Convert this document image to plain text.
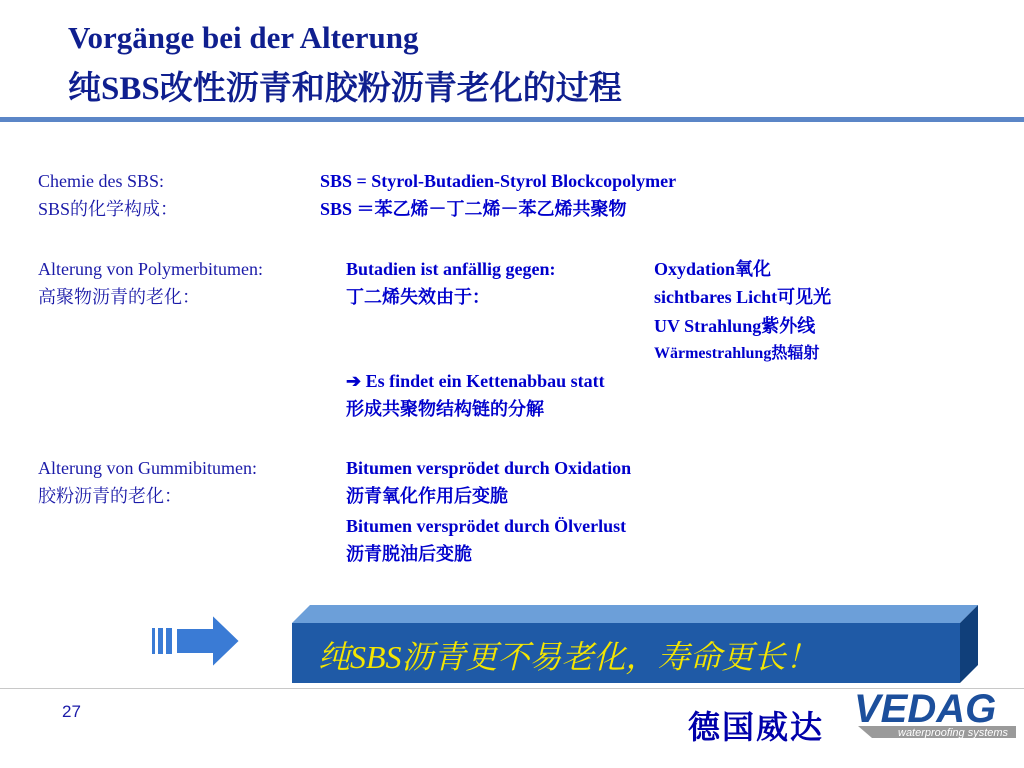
Vorgänge bei der Alterung
纯SBS改性沥青和胶粉沥青老化的过程
Chemie des SBS:
SBS的化学构成：
SBS = Styrol-Butadien-Styrol Blockcopolymer
SBS ＝苯乙烯－丁二烯－苯乙烯共聚物
Alterung von Polymerbitumen:
高聚物沥青的老化：
Butadien ist anfällig gegen:
丁二烯失效由于：
Oxydation氧化
sichtbares Licht可见光
UV Strahlung紫外线
Wärmestrahlung热辐射
➔ Es findet ein Kettenabbau statt
形成共聚物结构链的分解
Alterung von Gummibitumen:
胶粉沥青的老化：
Bitumen versprödet durch Oxidation
沥青氧化作用后变脆
Bitumen versprödet durch Ölverlust
沥青脱油后变脆
纯SBS沥青更不易老化，寿命更长！
27	德国威达 VEDAG
waterproofing systems
